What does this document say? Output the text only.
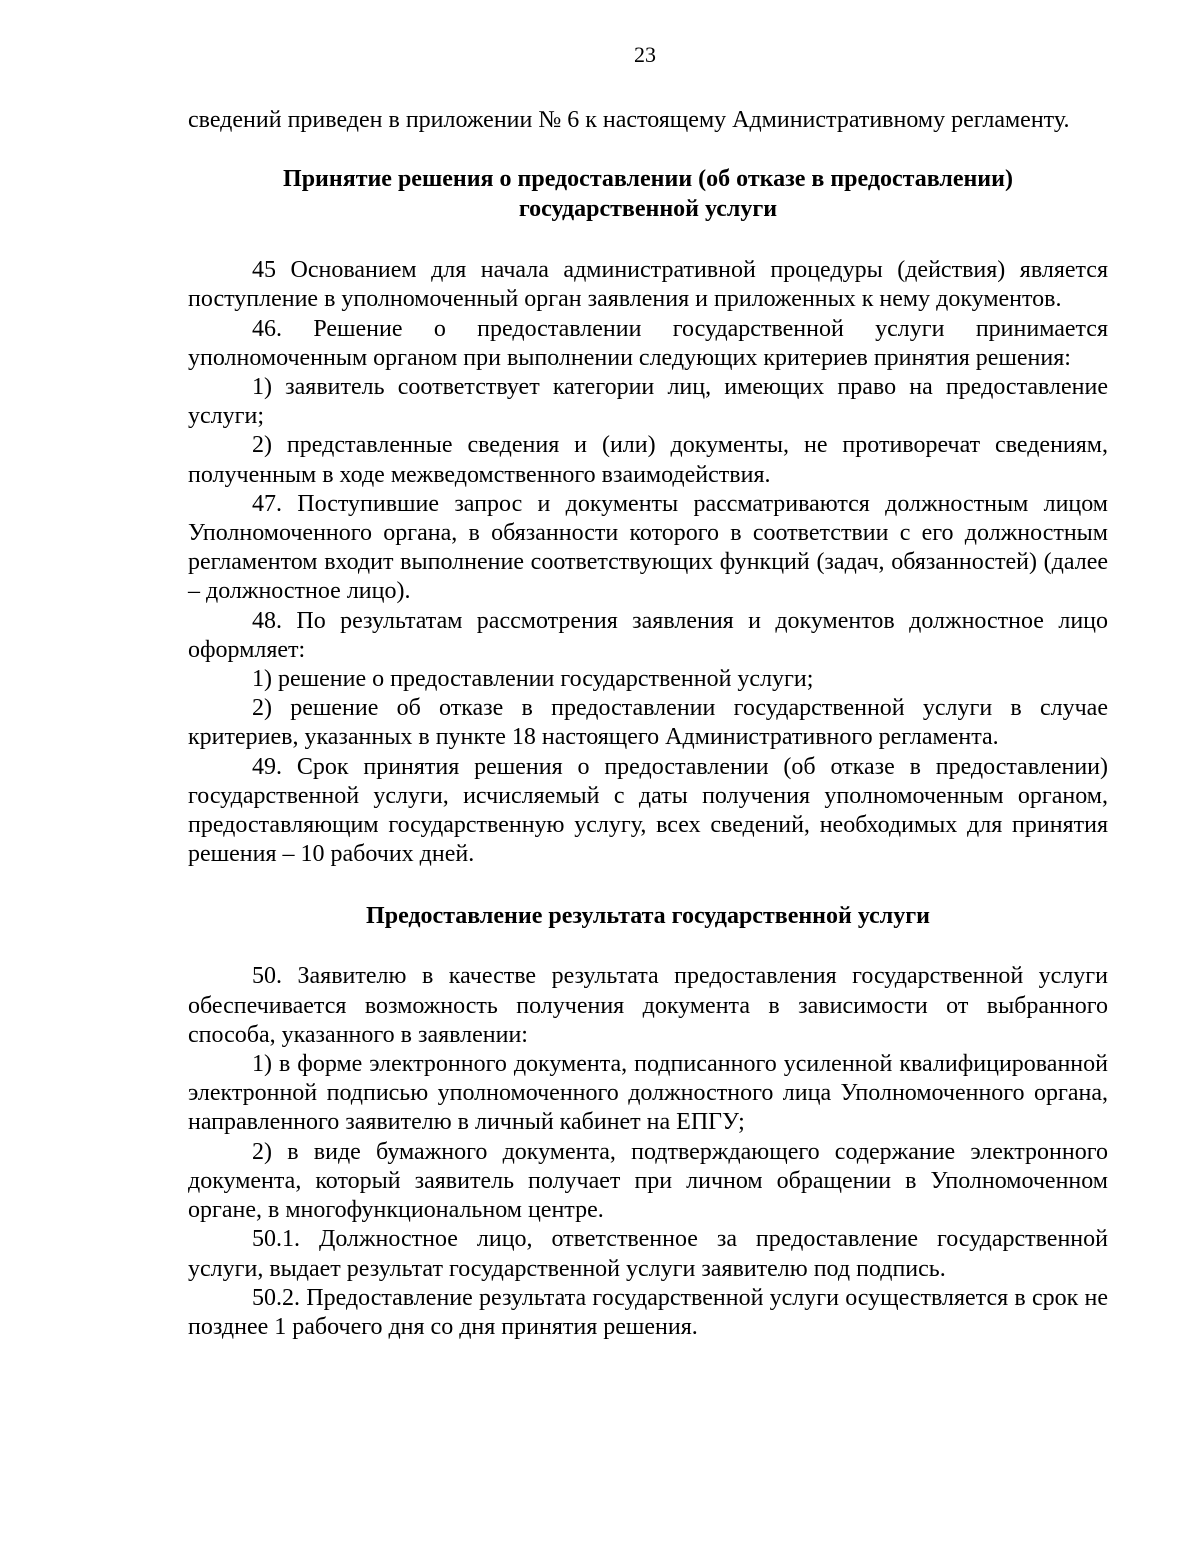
23

сведений приведен в приложении № 6 к настоящему Административному регламенту.

Принятие решения о предоставлении (об отказе в предоставлении)
государственной услуги

45 Основанием для начала административной процедуры (действия) является поступление в уполномоченный орган заявления и приложенных к нему документов.

46. Решение о предоставлении государственной услуги принимается уполномоченным органом при выполнении следующих критериев принятия решения:

1) заявитель соответствует категории лиц, имеющих право на предоставление услуги;

2) представленные сведения и (или) документы, не противоречат сведениям, полученным в ходе межведомственного взаимодействия.

47. Поступившие запрос и документы рассматриваются должностным лицом Уполномоченного органа, в обязанности которого в соответствии с его должностным регламентом входит выполнение соответствующих функций (задач, обязанностей) (далее – должностное лицо).

48. По результатам рассмотрения заявления и документов должностное лицо оформляет:

1) решение о предоставлении государственной услуги;

2) решение об отказе в предоставлении государственной услуги в случае критериев, указанных в пункте 18 настоящего Административного регламента.

49. Срок принятия решения о предоставлении (об отказе в предоставлении) государственной услуги, исчисляемый с даты получения уполномоченным органом, предоставляющим государственную услугу, всех сведений, необходимых для принятия решения – 10 рабочих дней.

Предоставление результата государственной услуги

50. Заявителю в качестве результата предоставления государственной услуги обеспечивается возможность получения документа в зависимости от выбранного способа, указанного в заявлении:

1) в форме электронного документа, подписанного усиленной квалифицированной электронной подписью уполномоченного должностного лица Уполномоченного органа, направленного заявителю в личный кабинет на ЕПГУ;

2) в виде бумажного документа, подтверждающего содержание электронного документа, который заявитель получает при личном обращении в Уполномоченном органе, в многофункциональном центре.

50.1. Должностное лицо, ответственное за предоставление государственной услуги, выдает результат государственной услуги заявителю под подпись.

50.2. Предоставление результата государственной услуги осуществляется в срок не позднее 1 рабочего дня со дня принятия решения.
